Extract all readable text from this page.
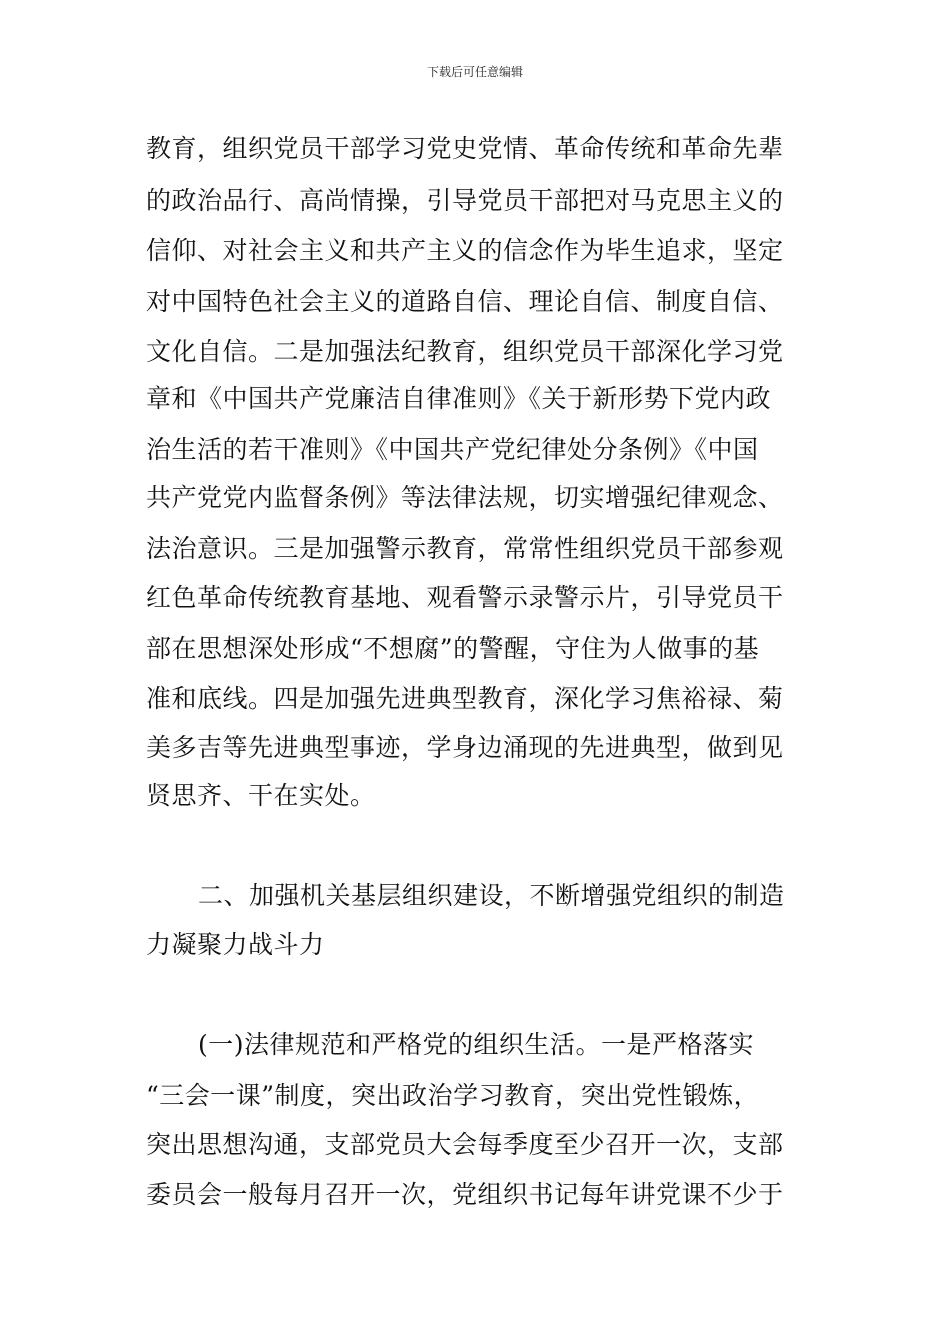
下载后可任意编辑
教育，组织党员干部学习党史党情、革命传统和革命先辈
的政治品行、高尚情操，引导党员干部把对马克思主义的
信仰、对社会主义和共产主义的信念作为毕生追求，坚定
对中国特色社会主义的道路自信、理论自信、制度自信、
文化自信。二是加强法纪教育，组织党员干部深化学习党
章和《中国共产党廉洁自律准则》《关于新形势下党内政
治生活的若干准则》《中国共产党纪律处分条例》《中国
共产党党内监督条例》等法律法规，切实增强纪律观念、
法治意识。三是加强警示教育，常常性组织党员干部参观
红色革命传统教育基地、观看警示录警示片，引导党员干
部在思想深处形成“不想腐”的警醒，守住为人做事的基
准和底线。四是加强先进典型教育，深化学习焦裕禄、菊
美多吉等先进典型事迹，学身边涌现的先进典型，做到见
贤思齐、干在实处。
二、加强机关基层组织建设，不断增强党组织的制造
力凝聚力战斗力
(一)法律规范和严格党的组织生活。一是严格落实
“三会一课”制度，突出政治学习教育，突出党性锻炼，
突出思想沟通，支部党员大会每季度至少召开一次，支部
委员会一般每月召开一次，党组织书记每年讲党课不少于
